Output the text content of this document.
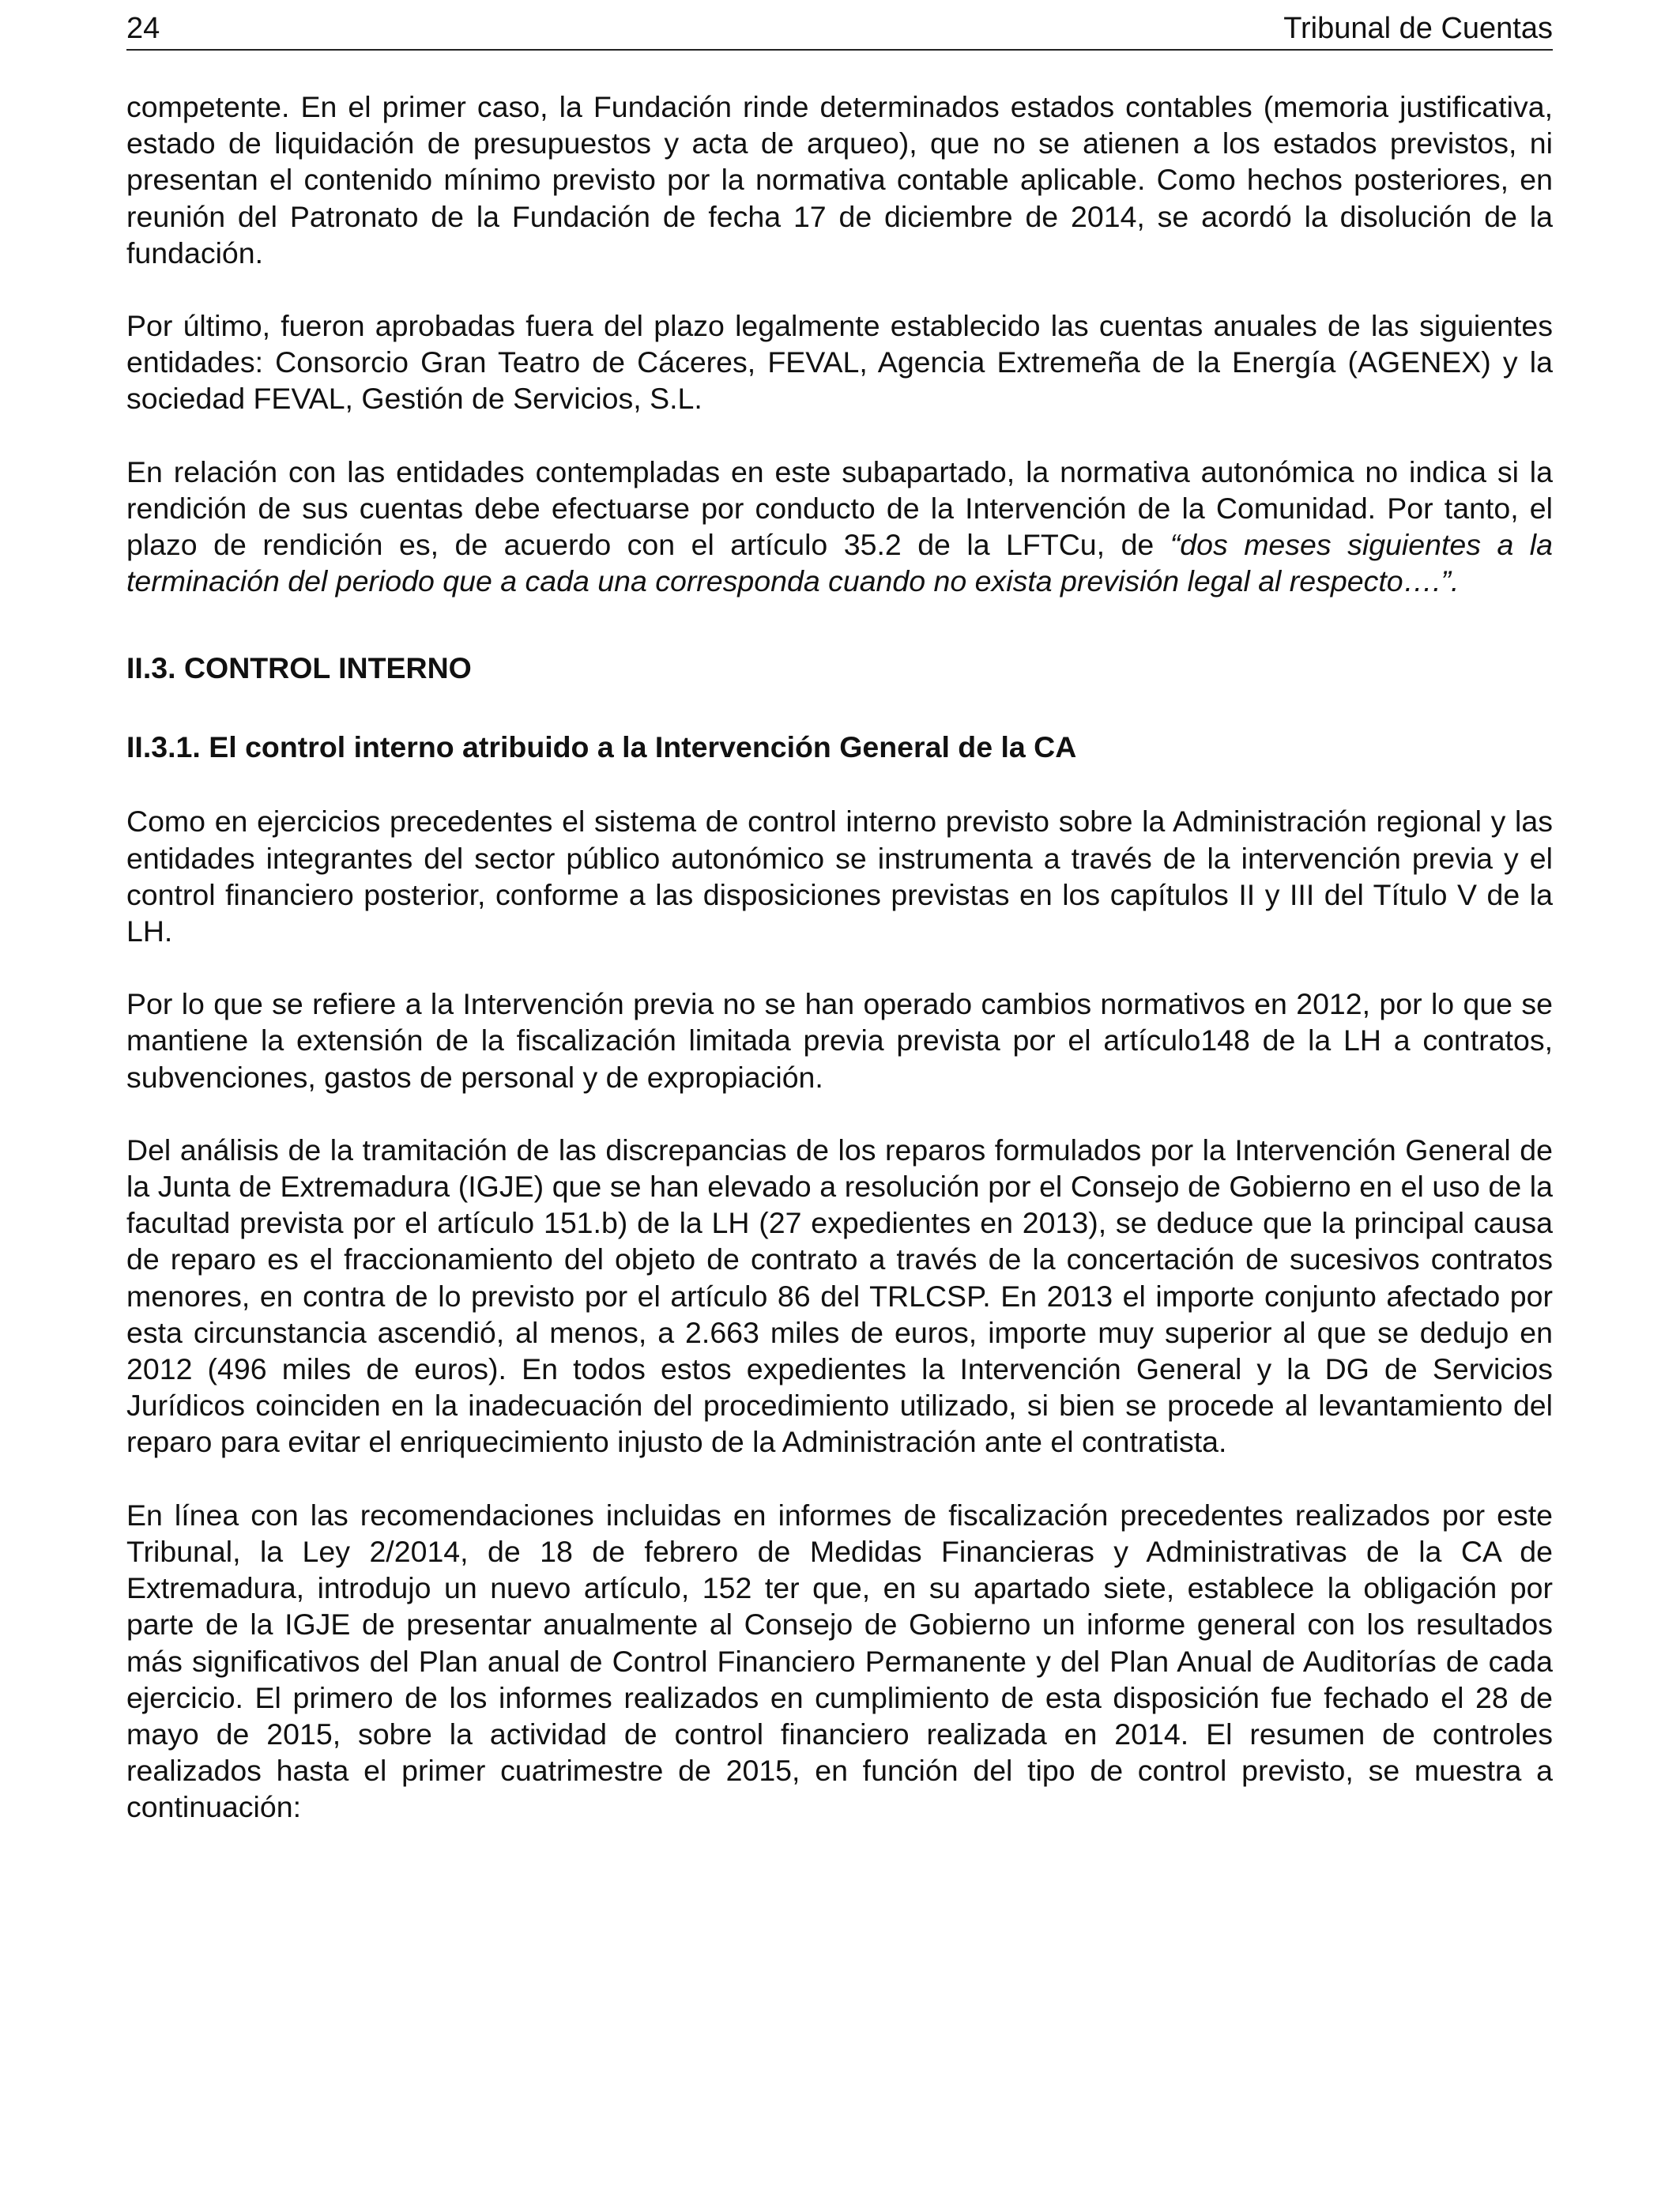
24	Tribunal de Cuentas

competente. En el primer caso, la Fundación rinde determinados estados contables (memoria justificativa, estado de liquidación de presupuestos y acta de arqueo), que no se atienen a los estados previstos, ni presentan el contenido mínimo previsto por la normativa contable aplicable. Como hechos posteriores, en reunión del Patronato de la Fundación de fecha 17 de diciembre de 2014, se acordó la disolución de la fundación.

Por último, fueron aprobadas fuera del plazo legalmente establecido las cuentas anuales de las siguientes entidades: Consorcio Gran Teatro de Cáceres, FEVAL, Agencia Extremeña de la Energía (AGENEX) y la sociedad FEVAL, Gestión de Servicios, S.L.

En relación con las entidades contempladas en este subapartado, la normativa autonómica no indica si la rendición de sus cuentas debe efectuarse por conducto de la Intervención de la Comunidad. Por tanto, el plazo de rendición es, de acuerdo con el artículo 35.2 de la LFTCu, de “dos meses siguientes a la terminación del periodo que a cada una corresponda cuando no exista previsión legal al respecto….”.

II.3. CONTROL INTERNO
II.3.1. El control interno atribuido a la Intervención General de la CA

Como en ejercicios precedentes el sistema de control interno previsto sobre la Administración regional y las entidades integrantes del sector público autonómico se instrumenta a través de la intervención previa y el control financiero posterior, conforme a las disposiciones previstas en los capítulos II y III del Título V de la LH.

Por lo que se refiere a la Intervención previa no se han operado cambios normativos en 2012, por lo que se mantiene la extensión de la fiscalización limitada previa prevista por el artículo148 de la LH a contratos, subvenciones, gastos de personal y de expropiación.

Del análisis de la tramitación de las discrepancias de los reparos formulados por la Intervención General de la Junta de Extremadura (IGJE) que se han elevado a resolución por el Consejo de Gobierno en el uso de la facultad prevista por el artículo 151.b) de la LH (27 expedientes en 2013), se deduce que la principal causa de reparo es el fraccionamiento del objeto de contrato a través de la concertación de sucesivos contratos menores, en contra de lo previsto por el artículo 86 del TRLCSP. En 2013 el importe conjunto afectado por esta circunstancia ascendió, al menos, a 2.663 miles de euros, importe muy superior al que se dedujo en 2012 (496 miles de euros). En todos estos expedientes la Intervención General y la DG de Servicios Jurídicos coinciden en la inadecuación del procedimiento utilizado, si bien se procede al levantamiento del reparo para evitar el enriquecimiento injusto de la Administración ante el contratista.

En línea con las recomendaciones incluidas en informes de fiscalización precedentes realizados por este Tribunal, la Ley 2/2014, de 18 de febrero de Medidas Financieras y Administrativas de la CA de Extremadura, introdujo un nuevo artículo, 152 ter que, en su apartado siete, establece la obligación por parte de la IGJE de presentar anualmente al Consejo de Gobierno un informe general con los resultados más significativos del Plan anual de Control Financiero Permanente y del Plan Anual de Auditorías de cada ejercicio. El primero de los informes realizados en cumplimiento de esta disposición fue fechado el 28 de mayo de 2015, sobre la actividad de control financiero realizada en 2014. El resumen de controles realizados hasta el primer cuatrimestre de 2015, en función del tipo de control previsto, se muestra a continuación:
